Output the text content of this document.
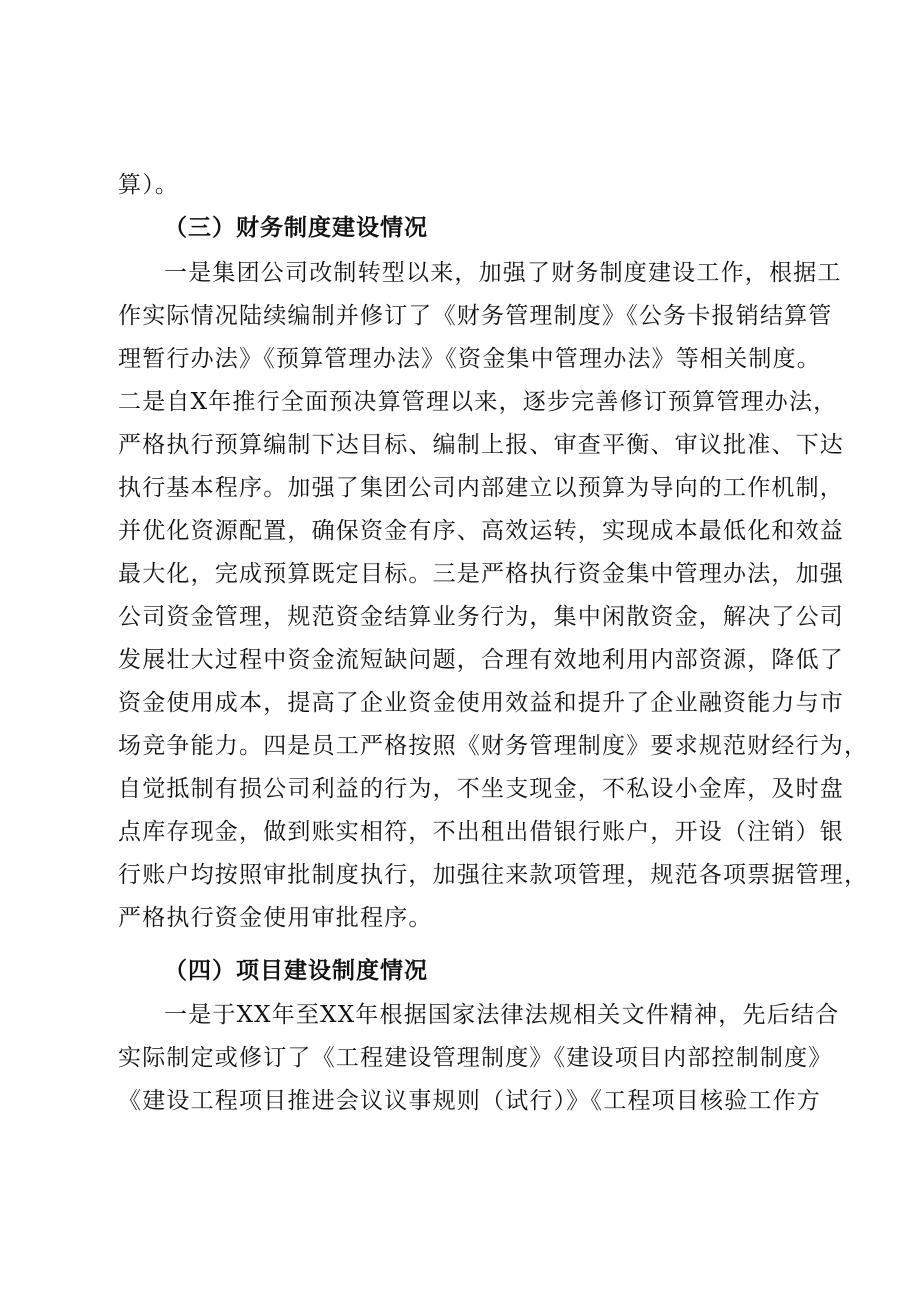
算）。
（三）财务制度建设情况
一是集团公司改制转型以来，加强了财务制度建设工作，根据工
作实际情况陆续编制并修订了《财务管理制度》《公务卡报销结算管
理暂行办法》《预算管理办法》《资金集中管理办法》等相关制度。
二是自X年推行全面预决算管理以来，逐步完善修订预算管理办法，
严格执行预算编制下达目标、编制上报、审查平衡、审议批准、下达
执行基本程序。加强了集团公司内部建立以预算为导向的工作机制，
并优化资源配置，确保资金有序、高效运转，实现成本最低化和效益
最大化，完成预算既定目标。三是严格执行资金集中管理办法，加强
公司资金管理，规范资金结算业务行为，集中闲散资金，解决了公司
发展壮大过程中资金流短缺问题，合理有效地利用内部资源，降低了
资金使用成本，提高了企业资金使用效益和提升了企业融资能力与市
场竞争能力。四是员工严格按照《财务管理制度》要求规范财经行为，
自觉抵制有损公司利益的行为，不坐支现金，不私设小金库，及时盘
点库存现金，做到账实相符，不出租出借银行账户，开设（注销）银
行账户均按照审批制度执行，加强往来款项管理，规范各项票据管理，
严格执行资金使用审批程序。
（四）项目建设制度情况
一是于XX年至XX年根据国家法律法规相关文件精神，先后结合
实际制定或修订了《工程建设管理制度》《建设项目内部控制制度》
《建设工程项目推进会议议事规则（试行）》《工程项目核验工作方
